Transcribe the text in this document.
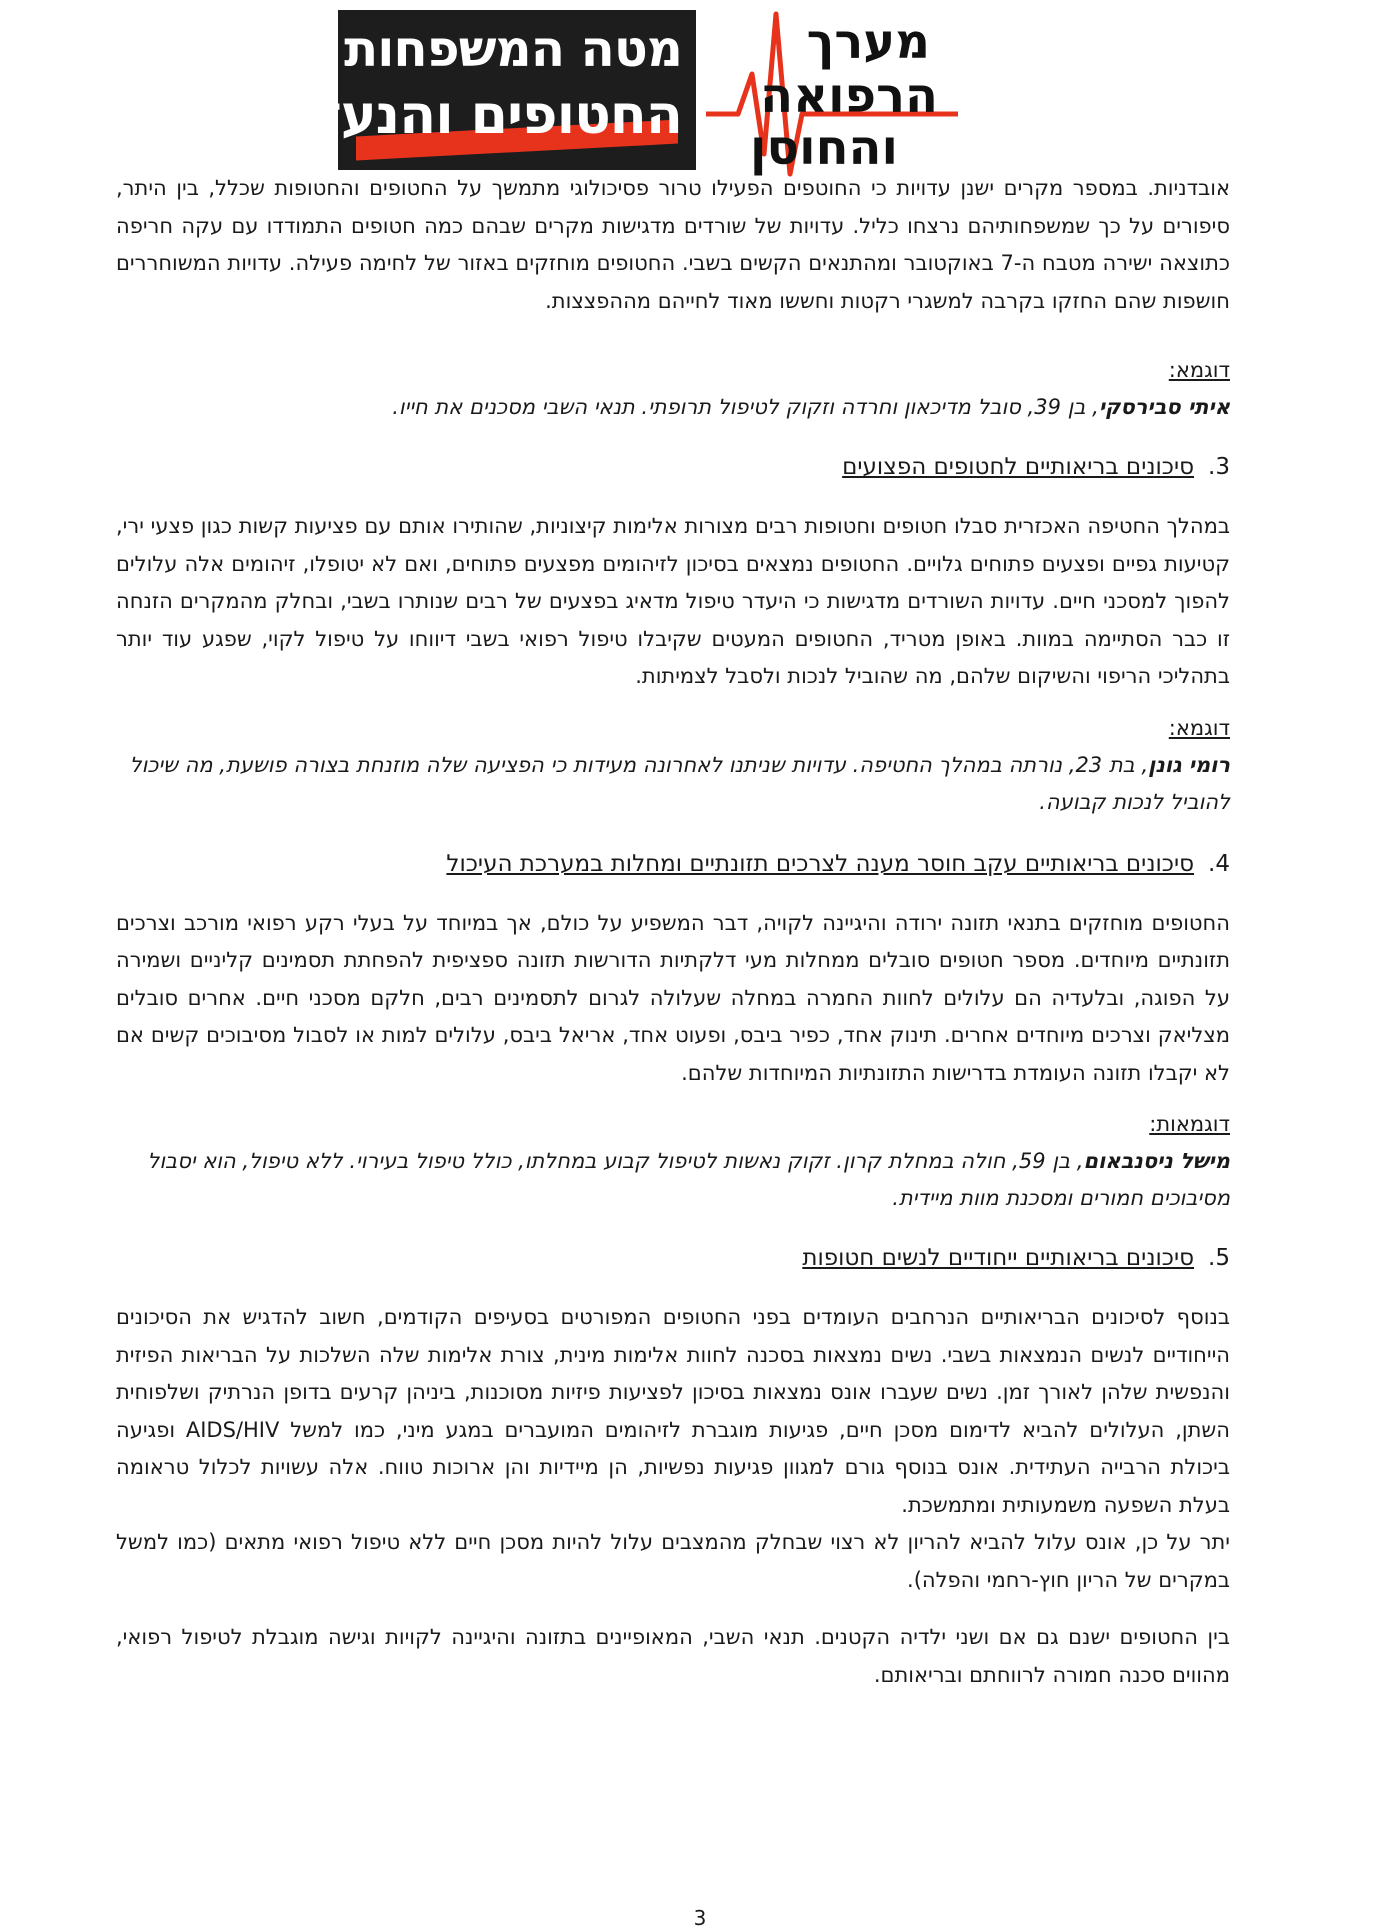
מטה המשפחות להחזרת
החטופים והנעדרים
מערך
הרפואה
והחוסן

אובדניות. במספר מקרים ישנן עדויות כי החוטפים הפעילו טרור פסיכולוגי מתמשך על החטופים והחטופות שכלל, בין היתר, סיפורים על כך שמשפחותיהם נרצחו כליל. עדויות של שורדים מדגישות מקרים שבהם כמה חטופים התמודדו עם עקה חריפה כתוצאה ישירה מטבח ה-7 באוקטובר ומהתנאים הקשים בשבי. החטופים מוחזקים באזור של לחימה פעילה. עדויות המשוחררים חושפות שהם החזקו בקרבה למשגרי רקטות וחששו מאוד לחייהם מההפצצות.

דוגמא:

איתי סבירסקי, בן 39, סובל מדיכאון וחרדה וזקוק לטיפול תרופתי. תנאי השבי מסכנים את חייו.

3.
סיכונים בריאותיים לחטופים הפצועים

במהלך החטיפה האכזרית סבלו חטופים וחטופות רבים מצורות אלימות קיצוניות, שהותירו אותם עם פציעות קשות כגון פצעי ירי, קטיעות גפיים ופצעים פתוחים גלויים. החטופים נמצאים בסיכון לזיהומים מפצעים פתוחים, ואם לא יטופלו, זיהומים אלה עלולים להפוך למסכני חיים. עדויות השורדים מדגישות כי היעדר טיפול מדאיג בפצעים של רבים שנותרו בשבי, ובחלק מהמקרים הזנחה זו כבר הסתיימה במוות. באופן מטריד, החטופים המעטים שקיבלו טיפול רפואי בשבי דיווחו על טיפול לקוי, שפגע עוד יותר בתהליכי הריפוי והשיקום שלהם, מה שהוביל לנכות ולסבל לצמיתות.

דוגמא:

רומי גונן, בת 23, נורתה במהלך החטיפה. עדויות שניתנו לאחרונה מעידות כי הפציעה שלה מוזנחת בצורה פושעת, מה שיכול להוביל לנכות קבועה.

4.
סיכונים בריאותיים עקב חוסר מענה לצרכים תזונתיים ומחלות במערכת העיכול

החטופים מוחזקים בתנאי תזונה ירודה והיגיינה לקויה, דבר המשפיע על כולם, אך במיוחד על בעלי רקע רפואי מורכב וצרכים תזונתיים מיוחדים. מספר חטופים סובלים ממחלות מעי דלקתיות הדורשות תזונה ספציפית להפחתת תסמינים קליניים ושמירה על הפוגה, ובלעדיה הם עלולים לחוות החמרה במחלה שעלולה לגרום לתסמינים רבים, חלקם מסכני חיים. אחרים סובלים מצליאק וצרכים מיוחדים אחרים. תינוק אחד, כפיר ביבס, ופעוט אחד, אריאל ביבס, עלולים למות או לסבול מסיבוכים קשים אם לא יקבלו תזונה העומדת בדרישות התזונתיות המיוחדות שלהם.

דוגמאות:

מישל ניסנבאום, בן 59, חולה במחלת קרון. זקוק נאשות לטיפול קבוע במחלתו, כולל טיפול בעירוי. ללא טיפול, הוא יסבול מסיבוכים חמורים ומסכנת מוות מיידית.

5.
סיכונים בריאותיים ייחודיים לנשים חטופות

בנוסף לסיכונים הבריאותיים הנרחבים העומדים בפני החטופים המפורטים בסעיפים הקודמים, חשוב להדגיש את הסיכונים הייחודיים לנשים הנמצאות בשבי. נשים נמצאות בסכנה לחוות אלימות מינית, צורת אלימות שלה השלכות על הבריאות הפיזית והנפשית שלהן לאורך זמן. נשים שעברו אונס נמצאות בסיכון לפציעות פיזיות מסוכנות, ביניהן קרעים בדופן הנרתיק ושלפוחית השתן, העלולים להביא לדימום מסכן חיים, פגיעות מוגברת לזיהומים המועברים במגע מיני, כמו למשל AIDS/HIV ופגיעה ביכולת הרבייה העתידית. אונס בנוסף גורם למגוון פגיעות נפשיות, הן מיידיות והן ארוכות טווח. אלה עשויות לכלול טראומה בעלת השפעה משמעותית ומתמשכת.

יתר על כן, אונס עלול להביא להריון לא רצוי שבחלק מהמצבים עלול להיות מסכן חיים ללא טיפול רפואי מתאים (כמו למשל במקרים של הריון חוץ-רחמי והפלה).

בין החטופים ישנם גם אם ושני ילדיה הקטנים. תנאי השבי, המאופיינים בתזונה והיגיינה לקויות וגישה מוגבלת לטיפול רפואי, מהווים סכנה חמורה לרווחתם ובריאותם.

3
